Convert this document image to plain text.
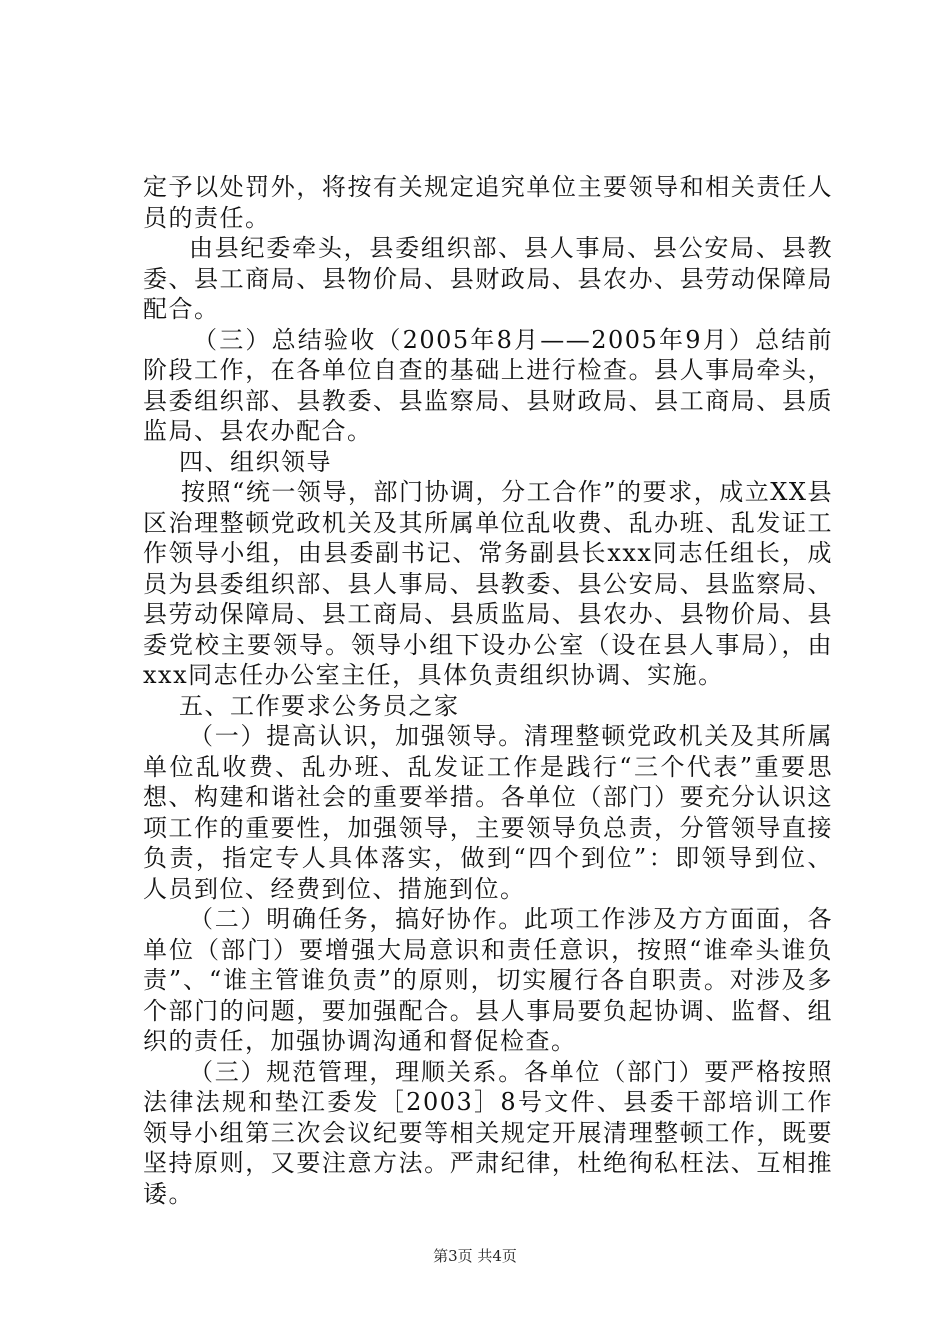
定予以处罚外，将按有关规定追究单位主要领导和相关责任人员的责任。

由县纪委牵头，县委组织部、县人事局、县公安局、县教委、县工商局、县物价局、县财政局、县农办、县劳动保障局配合。

（三）总结验收（2005年8月——2005年9月）总结前阶段工作，在各单位自查的基础上进行检查。县人事局牵头，县委组织部、县教委、县监察局、县财政局、县工商局、县质监局、县农办配合。

四、组织领导

按照“统一领导，部门协调，分工合作”的要求，成立XX县区治理整顿党政机关及其所属单位乱收费、乱办班、乱发证工作领导小组，由县委副书记、常务副县长xxx同志任组长，成员为县委组织部、县人事局、县教委、县公安局、县监察局、县劳动保障局、县工商局、县质监局、县农办、县物价局、县委党校主要领导。领导小组下设办公室（设在县人事局），由xxx同志任办公室主任，具体负责组织协调、实施。

五、工作要求公务员之家

（一）提高认识，加强领导。清理整顿党政机关及其所属单位乱收费、乱办班、乱发证工作是践行“三个代表”重要思想、构建和谐社会的重要举措。各单位（部门）要充分认识这项工作的重要性，加强领导，主要领导负总责，分管领导直接负责，指定专人具体落实，做到“四个到位”：即领导到位、人员到位、经费到位、措施到位。

（二）明确任务，搞好协作。此项工作涉及方方面面，各单位（部门）要增强大局意识和责任意识，按照“谁牵头谁负责”、“谁主管谁负责”的原则，切实履行各自职责。对涉及多个部门的问题，要加强配合。县人事局要负起协调、监督、组织的责任，加强协调沟通和督促检查。

（三）规范管理，理顺关系。各单位（部门）要严格按照法律法规和垫江委发［2003］8号文件、县委干部培训工作领导小组第三次会议纪要等相关规定开展清理整顿工作，既要坚持原则，又要注意方法。严肃纪律，杜绝徇私枉法、互相推诿。

第3页 共4页
